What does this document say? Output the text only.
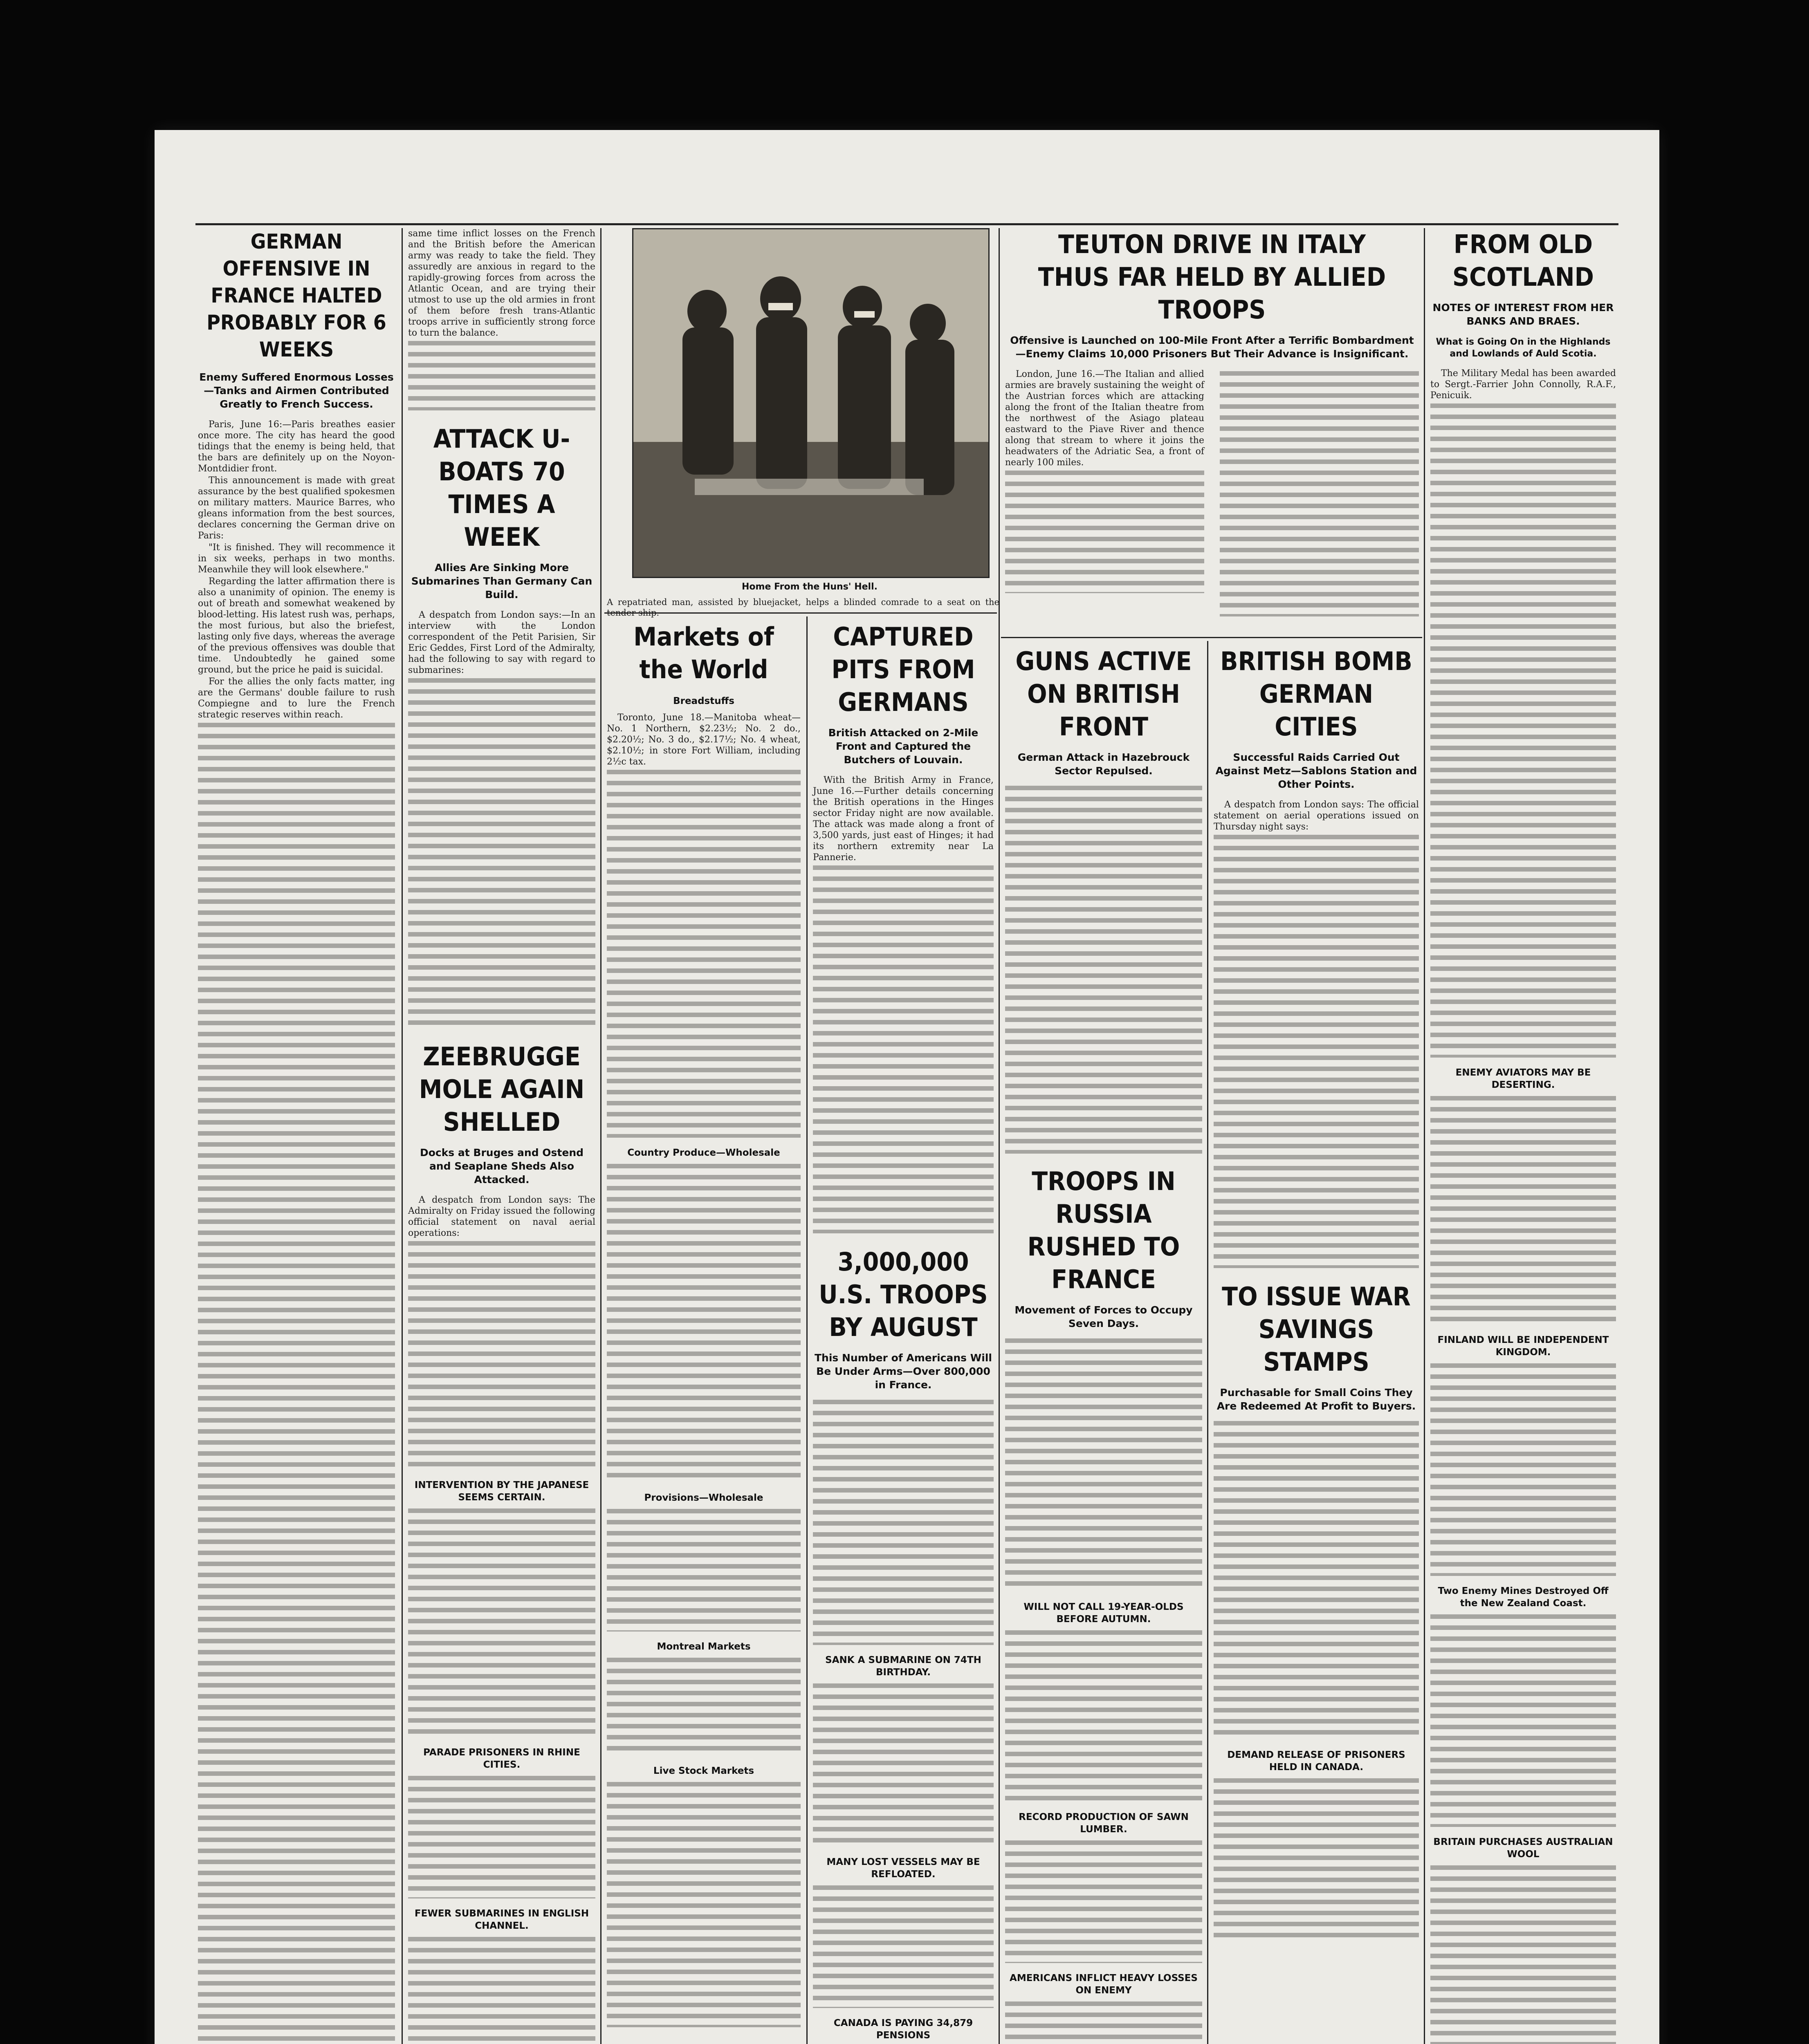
GERMAN OFFENSIVE IN FRANCE HALTED PROBABLY FOR 6 WEEKS
Enemy Suffered Enormous Losses—Tanks and Airmen Contributed Greatly to French Success.

Paris, June 16:—Paris breathes easier once more. The city has heard the good tidings that the enemy is being held, that the bars are definitely up on the Noyon-Montdidier front.

This announcement is made with great assurance by the best qualified spokesmen on military matters. Maurice Barres, who gleans information from the best sources, declares concerning the German drive on Paris:

"It is finished. They will recommence it in six weeks, perhaps in two months. Meanwhile they will look elsewhere."

Regarding the latter affirmation there is also a unanimity of opinion. The enemy is out of breath and somewhat weakened by blood-letting. His latest rush was, perhaps, the most furious, but also the briefest, lasting only five days, whereas the average of the previous offensives was double that time. Undoubtedly he gained some ground, but the price he paid is suicidal.

For the allies the only facts matter, ing are the Germans' double failure to rush Compiegne and to lure the French strategic reserves within reach.

same time inflict losses on the French and the British before the American army was ready to take the field. They assuredly are anxious in regard to the rapidly-growing forces from across the Atlantic Ocean, and are trying their utmost to use up the old armies in front of them before fresh trans-Atlantic troops arrive in sufficiently strong force to turn the balance.

ATTACK U-BOATS 70 TIMES A WEEK
Allies Are Sinking More Submarines Than Germany Can Build.

A despatch from London says:—In an interview with the London correspondent of the Petit Parisien, Sir Eric Geddes, First Lord of the Admiralty, had the following to say with regard to submarines:

ZEEBRUGGE MOLE AGAIN SHELLED
Docks at Bruges and Ostend and Seaplane Sheds Also Attacked.

A despatch from London says: The Admiralty on Friday issued the following official statement on naval aerial operations:

INTERVENTION BY THE JAPANESE SEEMS CERTAIN.
PARADE PRISONERS IN RHINE CITIES.
FEWER SUBMARINES IN ENGLISH CHANNEL.
Home From the Huns' Hell.
A repatriated man, assisted by bluejacket, helps a blinded comrade to a seat on the tender ship.
Markets of the World
Breadstuffs

Toronto, June 18.—Manitoba wheat—No. 1 Northern, $2.23½; No. 2 do., $2.20½; No. 3 do., $2.17½; No. 4 wheat, $2.10½; in store Fort William, including 2½c tax.

Country Produce—Wholesale
Provisions—Wholesale
Montreal Markets
Live Stock Markets
CAPTURED PITS FROM GERMANS
British Attacked on 2-Mile Front and Captured the Butchers of Louvain.

With the British Army in France, June 16.—Further details concerning the British operations in the Hinges sector Friday night are now available. The attack was made along a front of 3,500 yards, just east of Hinges; it had its northern extremity near La Pannerie.

3,000,000 U.S. TROOPS BY AUGUST
This Number of Americans Will Be Under Arms—Over 800,000 in France.
SANK A SUBMARINE ON 74TH BIRTHDAY.
MANY LOST VESSELS MAY BE REFLOATED.
CANADA IS PAYING 34,879 PENSIONS
TEUTON DRIVE IN ITALY THUS FAR HELD BY ALLIED TROOPS
Offensive is Launched on 100-Mile Front After a Terrific Bombardment—Enemy Claims 10,000 Prisoners But Their Advance is Insignificant.

London, June 16.—The Italian and allied armies are bravely sustaining the weight of the Austrian forces which are attacking along the front of the Italian theatre from the northwest of the Asiago plateau eastward to the Piave River and thence along that stream to where it joins the headwaters of the Adriatic Sea, a front of nearly 100 miles.

GUNS ACTIVE ON BRITISH FRONT
German Attack in Hazebrouck Sector Repulsed.
TROOPS IN RUSSIA RUSHED TO FRANCE
Movement of Forces to Occupy Seven Days.
WILL NOT CALL 19-YEAR-OLDS BEFORE AUTUMN.
RECORD PRODUCTION OF SAWN LUMBER.
AMERICANS INFLICT HEAVY LOSSES ON ENEMY
BRITISH BOMB GERMAN CITIES
Successful Raids Carried Out Against Metz—Sablons Station and Other Points.

A despatch from London says: The official statement on aerial operations issued on Thursday night says:

TO ISSUE WAR SAVINGS STAMPS
Purchasable for Small Coins They Are Redeemed At Profit to Buyers.
DEMAND RELEASE OF PRISONERS HELD IN CANADA.
FROM OLD SCOTLAND
NOTES OF INTEREST FROM HER BANKS AND BRAES.
What is Going On in the Highlands and Lowlands of Auld Scotia.

The Military Medal has been awarded to Sergt.-Farrier John Connolly, R.A.F., Penicuik.

ENEMY AVIATORS MAY BE DESERTING.
FINLAND WILL BE INDEPENDENT KINGDOM.
Two Enemy Mines Destroyed Off the New Zealand Coast.
BRITAIN PURCHASES AUSTRALIAN WOOL
